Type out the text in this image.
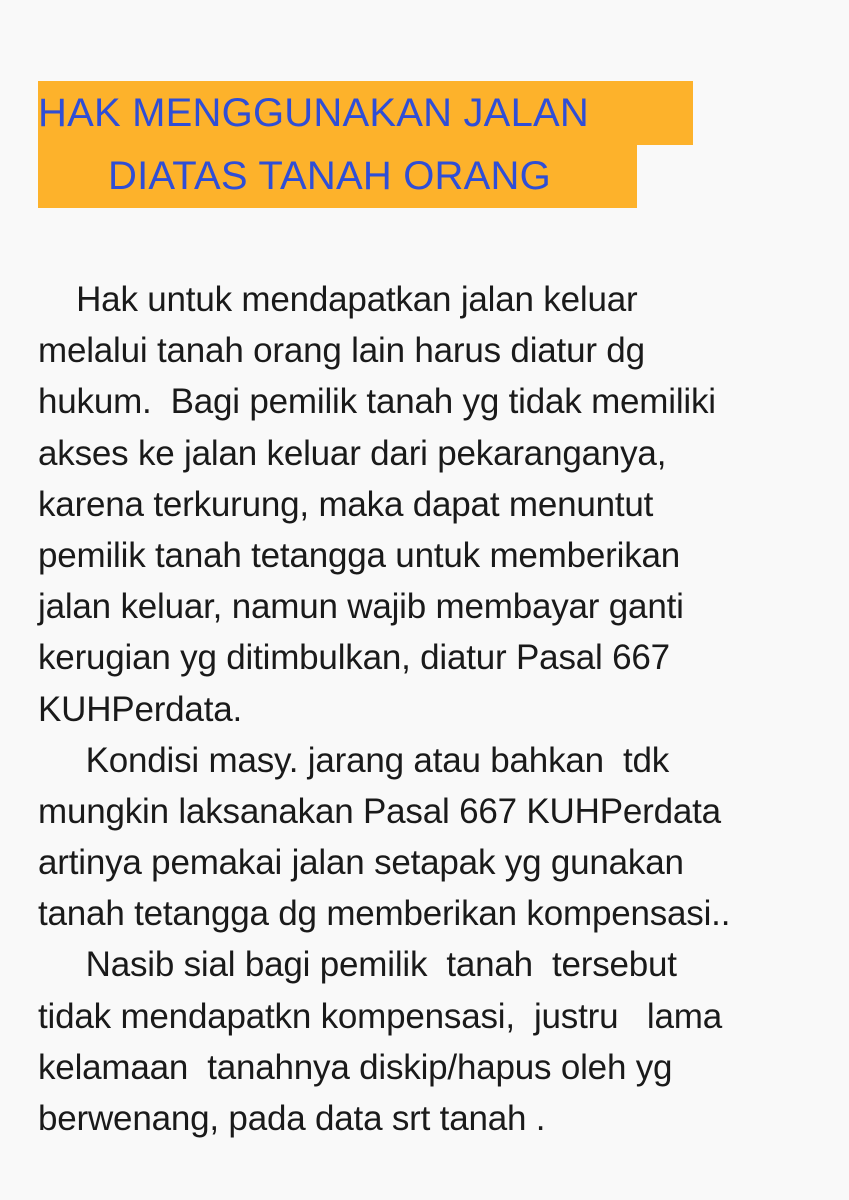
HAK MENGGUNAKAN JALAN
DIATAS TANAH ORANG
Hak untuk mendapatkan jalan keluar
melalui tanah orang lain harus diatur dg
hukum.  Bagi pemilik tanah yg tidak memiliki
akses ke jalan keluar dari pekaranganya,
karena terkurung, maka dapat menuntut
pemilik tanah tetangga untuk memberikan
jalan keluar, namun wajib membayar ganti
kerugian yg ditimbulkan, diatur Pasal 667
KUHPerdata.
Kondisi masy. jarang atau bahkan  tdk
mungkin laksanakan Pasal 667 KUHPerdata
artinya pemakai jalan setapak yg gunakan
tanah tetangga dg memberikan kompensasi..
Nasib sial bagi pemilik  tanah  tersebut
tidak mendapatkn kompensasi,  justru   lama
kelamaan  tanahnya diskip/hapus oleh yg
berwenang, pada data srt tanah .
